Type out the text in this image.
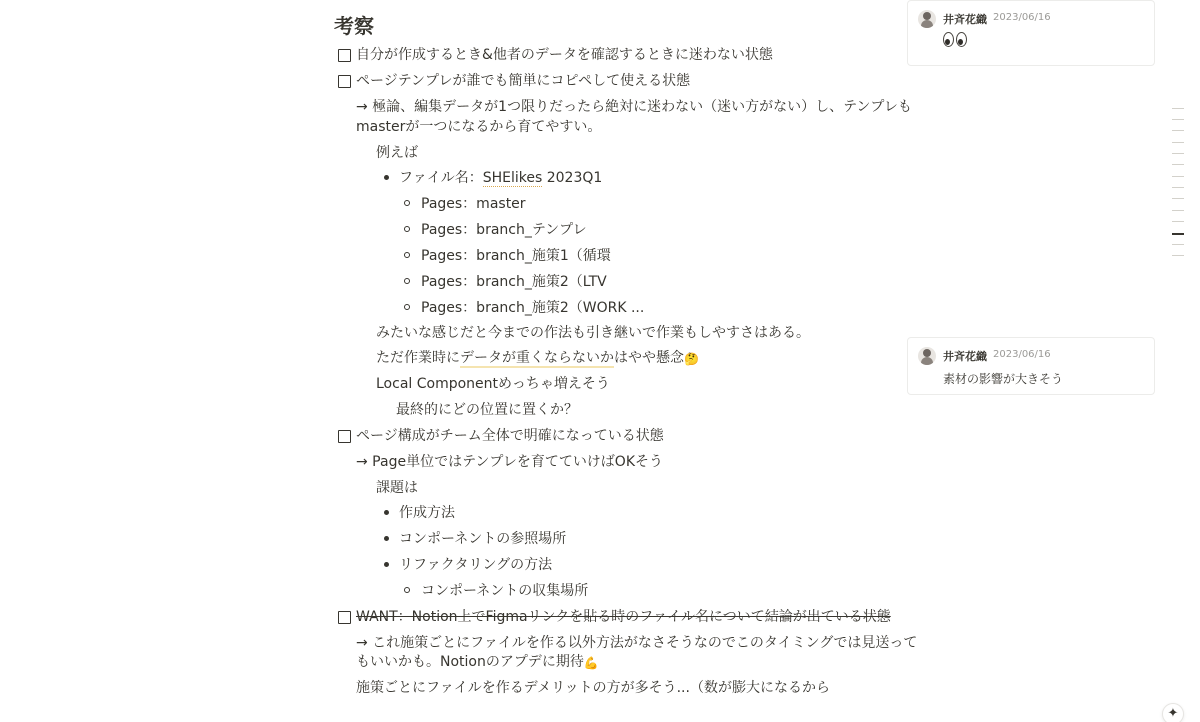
考察
自分が作成するとき&他者のデータを確認するときに迷わない状態
ページテンプレが誰でも簡単にコピペして使える状態
→ 極論、編集データが1つ限りだったら絶対に迷わない（迷い方がない）し、テンプレも
masterが一つになるから育てやすい。
例えば
ファイル名：SHElikes 2023Q1
Pages：master
Pages：branch_テンプレ
Pages：branch_施策1（循環
Pages：branch_施策2（LTV
Pages：branch_施策2（WORK ...
みたいな感じだと今までの作法も引き継いで作業もしやすさはある。
ただ作業時にデータが重くならないかはやや懸念🤔
Local Componentめっちゃ増えそう
最終的にどの位置に置くか？
ページ構成がチーム全体で明確になっている状態
→ Page単位ではテンプレを育てていけばOKそう
課題は
作成方法
コンポーネントの参照場所
リファクタリングの方法
コンポーネントの収集場所
WANT：Notion上でFigmaリンクを貼る時のファイル名について結論が出ている状態
→ これ施策ごとにファイルを作る以外方法がなさそうなのでこのタイミングでは見送って
もいいかも。Notionのアプデに期待💪
施策ごとにファイルを作るデメリットの方が多そう...（数が膨大になるから
井斉花織 2023/06/16
井斉花織 2023/06/16
素材の影響が大きそう
✦
